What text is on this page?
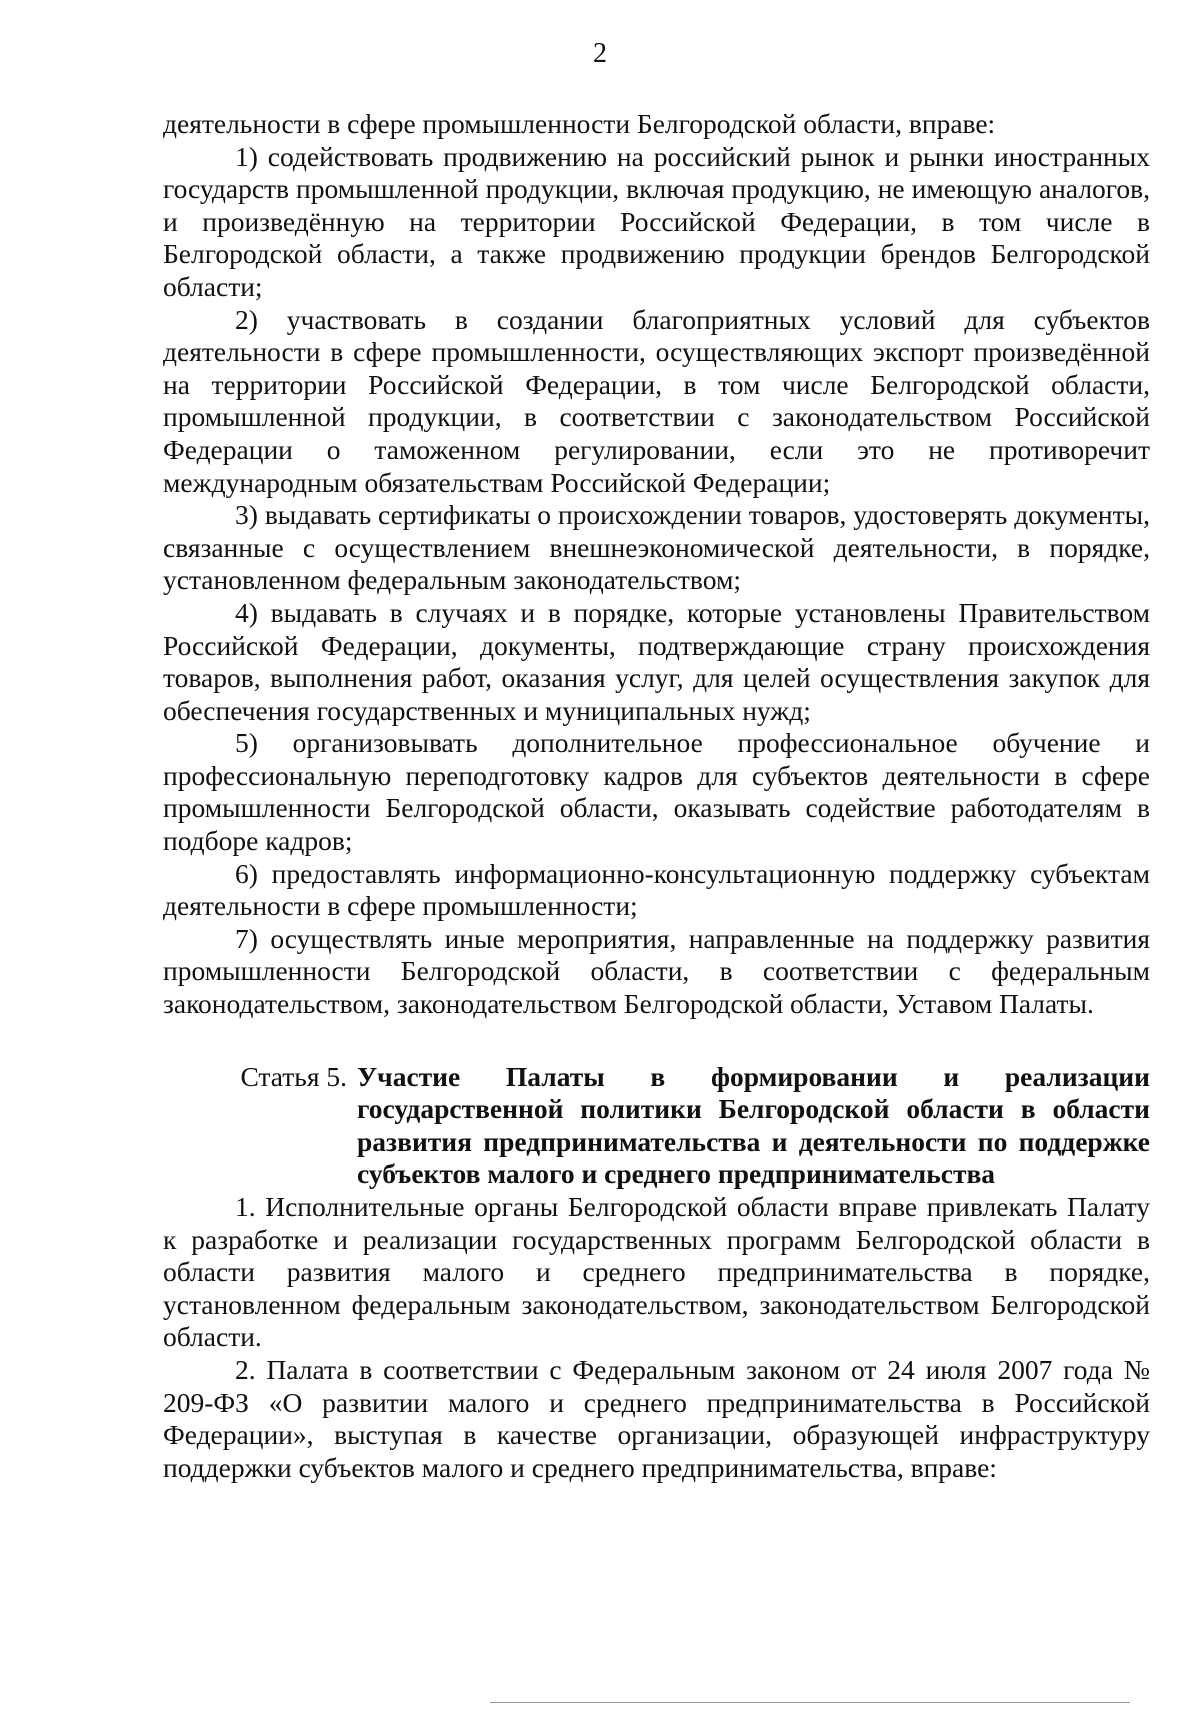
2

деятельности в сфере промышленности Белгородской области, вправе:

1) содействовать продвижению на российский рынок и рынки иностранных государств промышленной продукции, включая продукцию, не имеющую аналогов, и произведённую на территории Российской Федерации, в том числе в Белгородской области, а также продвижению продукции брендов Белгородской области;

2) участвовать в создании благоприятных условий для субъектов деятельности в сфере промышленности, осуществляющих экспорт произведённой на территории Российской Федерации, в том числе Белгородской области, промышленной продукции, в соответствии с законодательством Российской Федерации о таможенном регулировании, если это не противоречит международным обязательствам Российской Федерации;

3) выдавать сертификаты о происхождении товаров, удостоверять документы, связанные с осуществлением внешнеэкономической деятельности, в порядке, установленном федеральным законодательством;

4) выдавать в случаях и в порядке, которые установлены Правительством Российской Федерации, документы, подтверждающие страну происхождения товаров, выполнения работ, оказания услуг, для целей осуществления закупок для обеспечения государственных и муниципальных нужд;

5) организовывать дополнительное профессиональное обучение и профессиональную переподготовку кадров для субъектов деятельности в сфере промышленности Белгородской области, оказывать содействие работодателям в подборе кадров;

6) предоставлять информационно-консультационную поддержку субъектам деятельности в сфере промышленности;

7) осуществлять иные мероприятия, направленные на поддержку развития промышленности Белгородской области, в соответствии с федеральным законодательством, законодательством Белгородской области, Уставом Палаты.

Статья 5. Участие Палаты в формировании и реализации государственной политики Белгородской области в области развития предпринимательства и деятельности по поддержке субъектов малого и среднего предпринимательства

1. Исполнительные органы Белгородской области вправе привлекать Палату к разработке и реализации государственных программ Белгородской области в области развития малого и среднего предпринимательства в порядке, установленном федеральным законодательством, законодательством Белгородской области.

2. Палата в соответствии с Федеральным законом от 24 июля 2007 года № 209-ФЗ «О развитии малого и среднего предпринимательства в Российской Федерации», выступая в качестве организации, образующей инфраструктуру поддержки субъектов малого и среднего предпринимательства, вправе:
